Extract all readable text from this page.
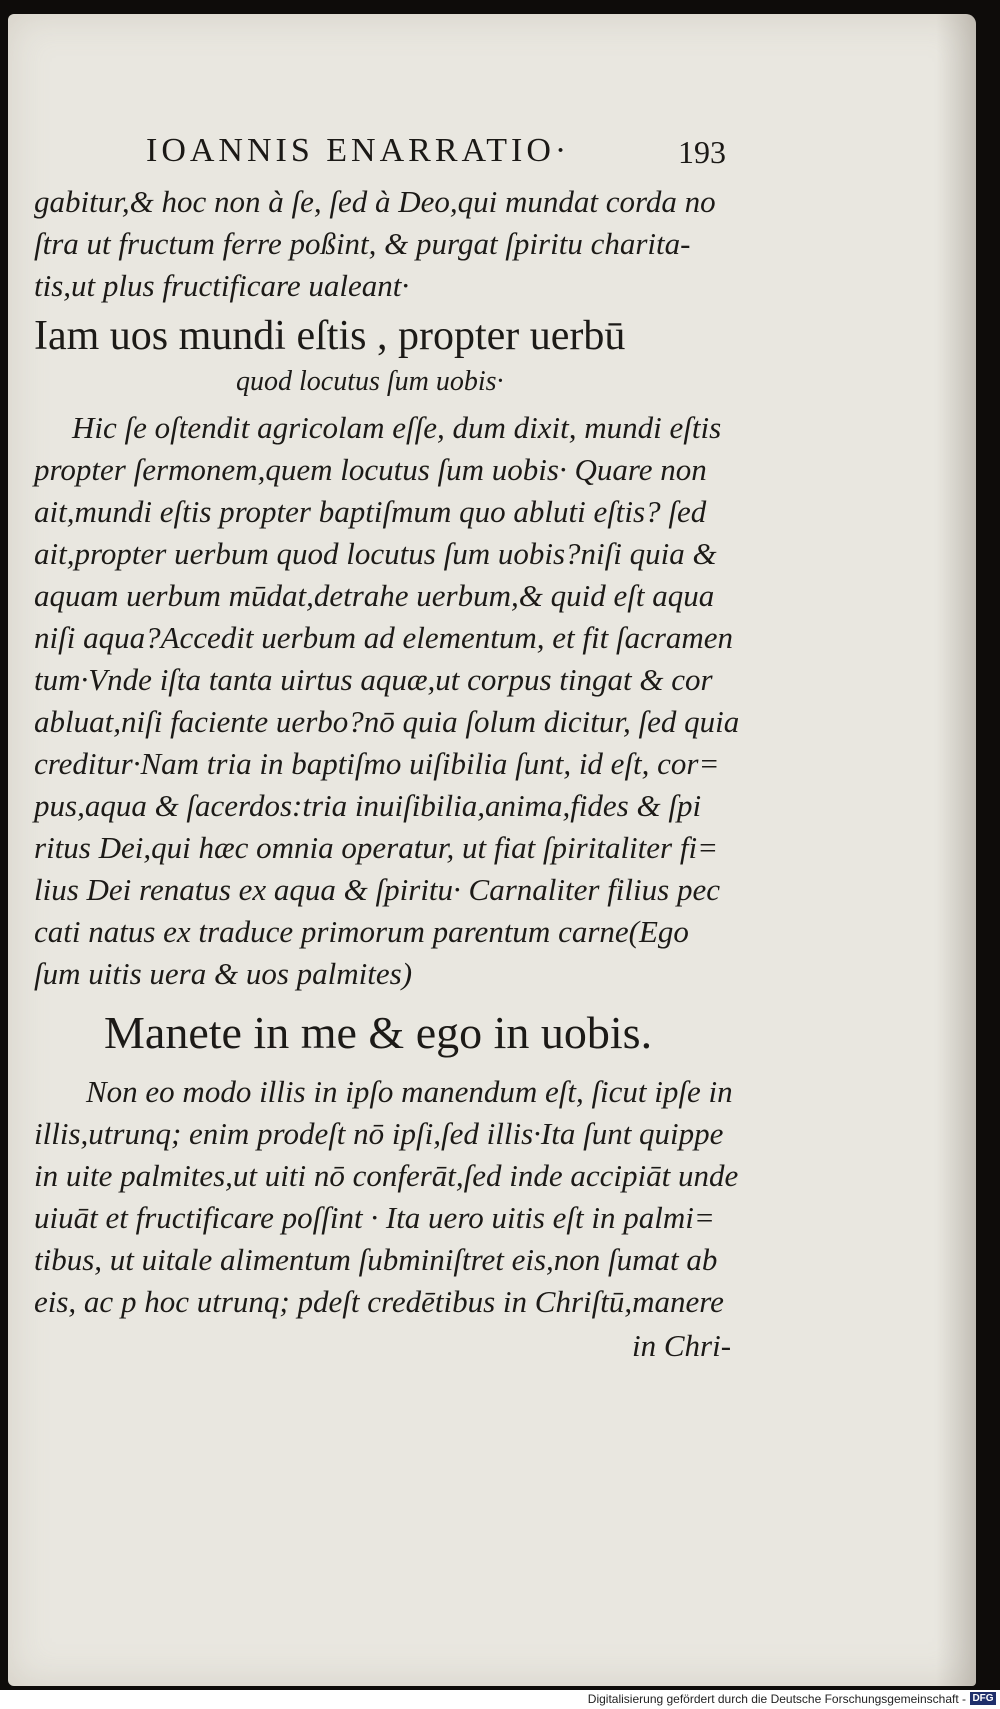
IOANNIS ENARRATIO·	193
gabitur,& hoc non à ſe, ſed à Deo,qui mundat corda no
ſtra ut fructum ferre poßint, & purgat ſpiritu charita-
tis,ut plus fructificare ualeant·
Iam uos mundi eſtis , propter uerbū
quod locutus ſum uobis·
Hic ſe oſtendit agricolam eſſe, dum dixit, mundi eſtis
propter ſermonem,quem locutus ſum uobis· Quare non
ait,mundi eſtis propter baptiſmum quo abluti eſtis? ſed
ait,propter uerbum quod locutus ſum uobis?niſi quia &
aquam uerbum mūdat,detrahe uerbum,& quid eſt aqua
niſi aqua?Accedit uerbum ad elementum, et fit ſacramen
tum·Vnde iſta tanta uirtus aquæ,ut corpus tingat & cor
abluat,niſi faciente uerbo?nō quia ſolum dicitur, ſed quia
creditur·Nam tria in baptiſmo uiſibilia ſunt, id eſt, cor=
pus,aqua & ſacerdos:tria inuiſibilia,anima,fides & ſpi
ritus Dei,qui hæc omnia operatur, ut fiat ſpiritaliter fi=
lius Dei renatus ex aqua & ſpiritu· Carnaliter filius pec
cati natus ex traduce primorum parentum carne(Ego
ſum uitis uera & uos palmites)
Manete in me & ego in uobis.
Non eo modo illis in ipſo manendum eſt, ſicut ipſe in
illis,utrunq; enim prodeſt nō ipſi,ſed illis·Ita ſunt quippe
in uite palmites,ut uiti nō conferāt,ſed inde accipiāt unde
uiuāt et fructificare poſſint · Ita uero uitis eſt in palmi=
tibus, ut uitale alimentum ſubminiſtret eis,non ſumat ab
eis, ac p hoc utrunq; pdeſt credētibus in Chriſtū,manere
in Chri-
Digitalisierung gefördert durch die Deutsche Forschungsgemeinschaft - DFG
